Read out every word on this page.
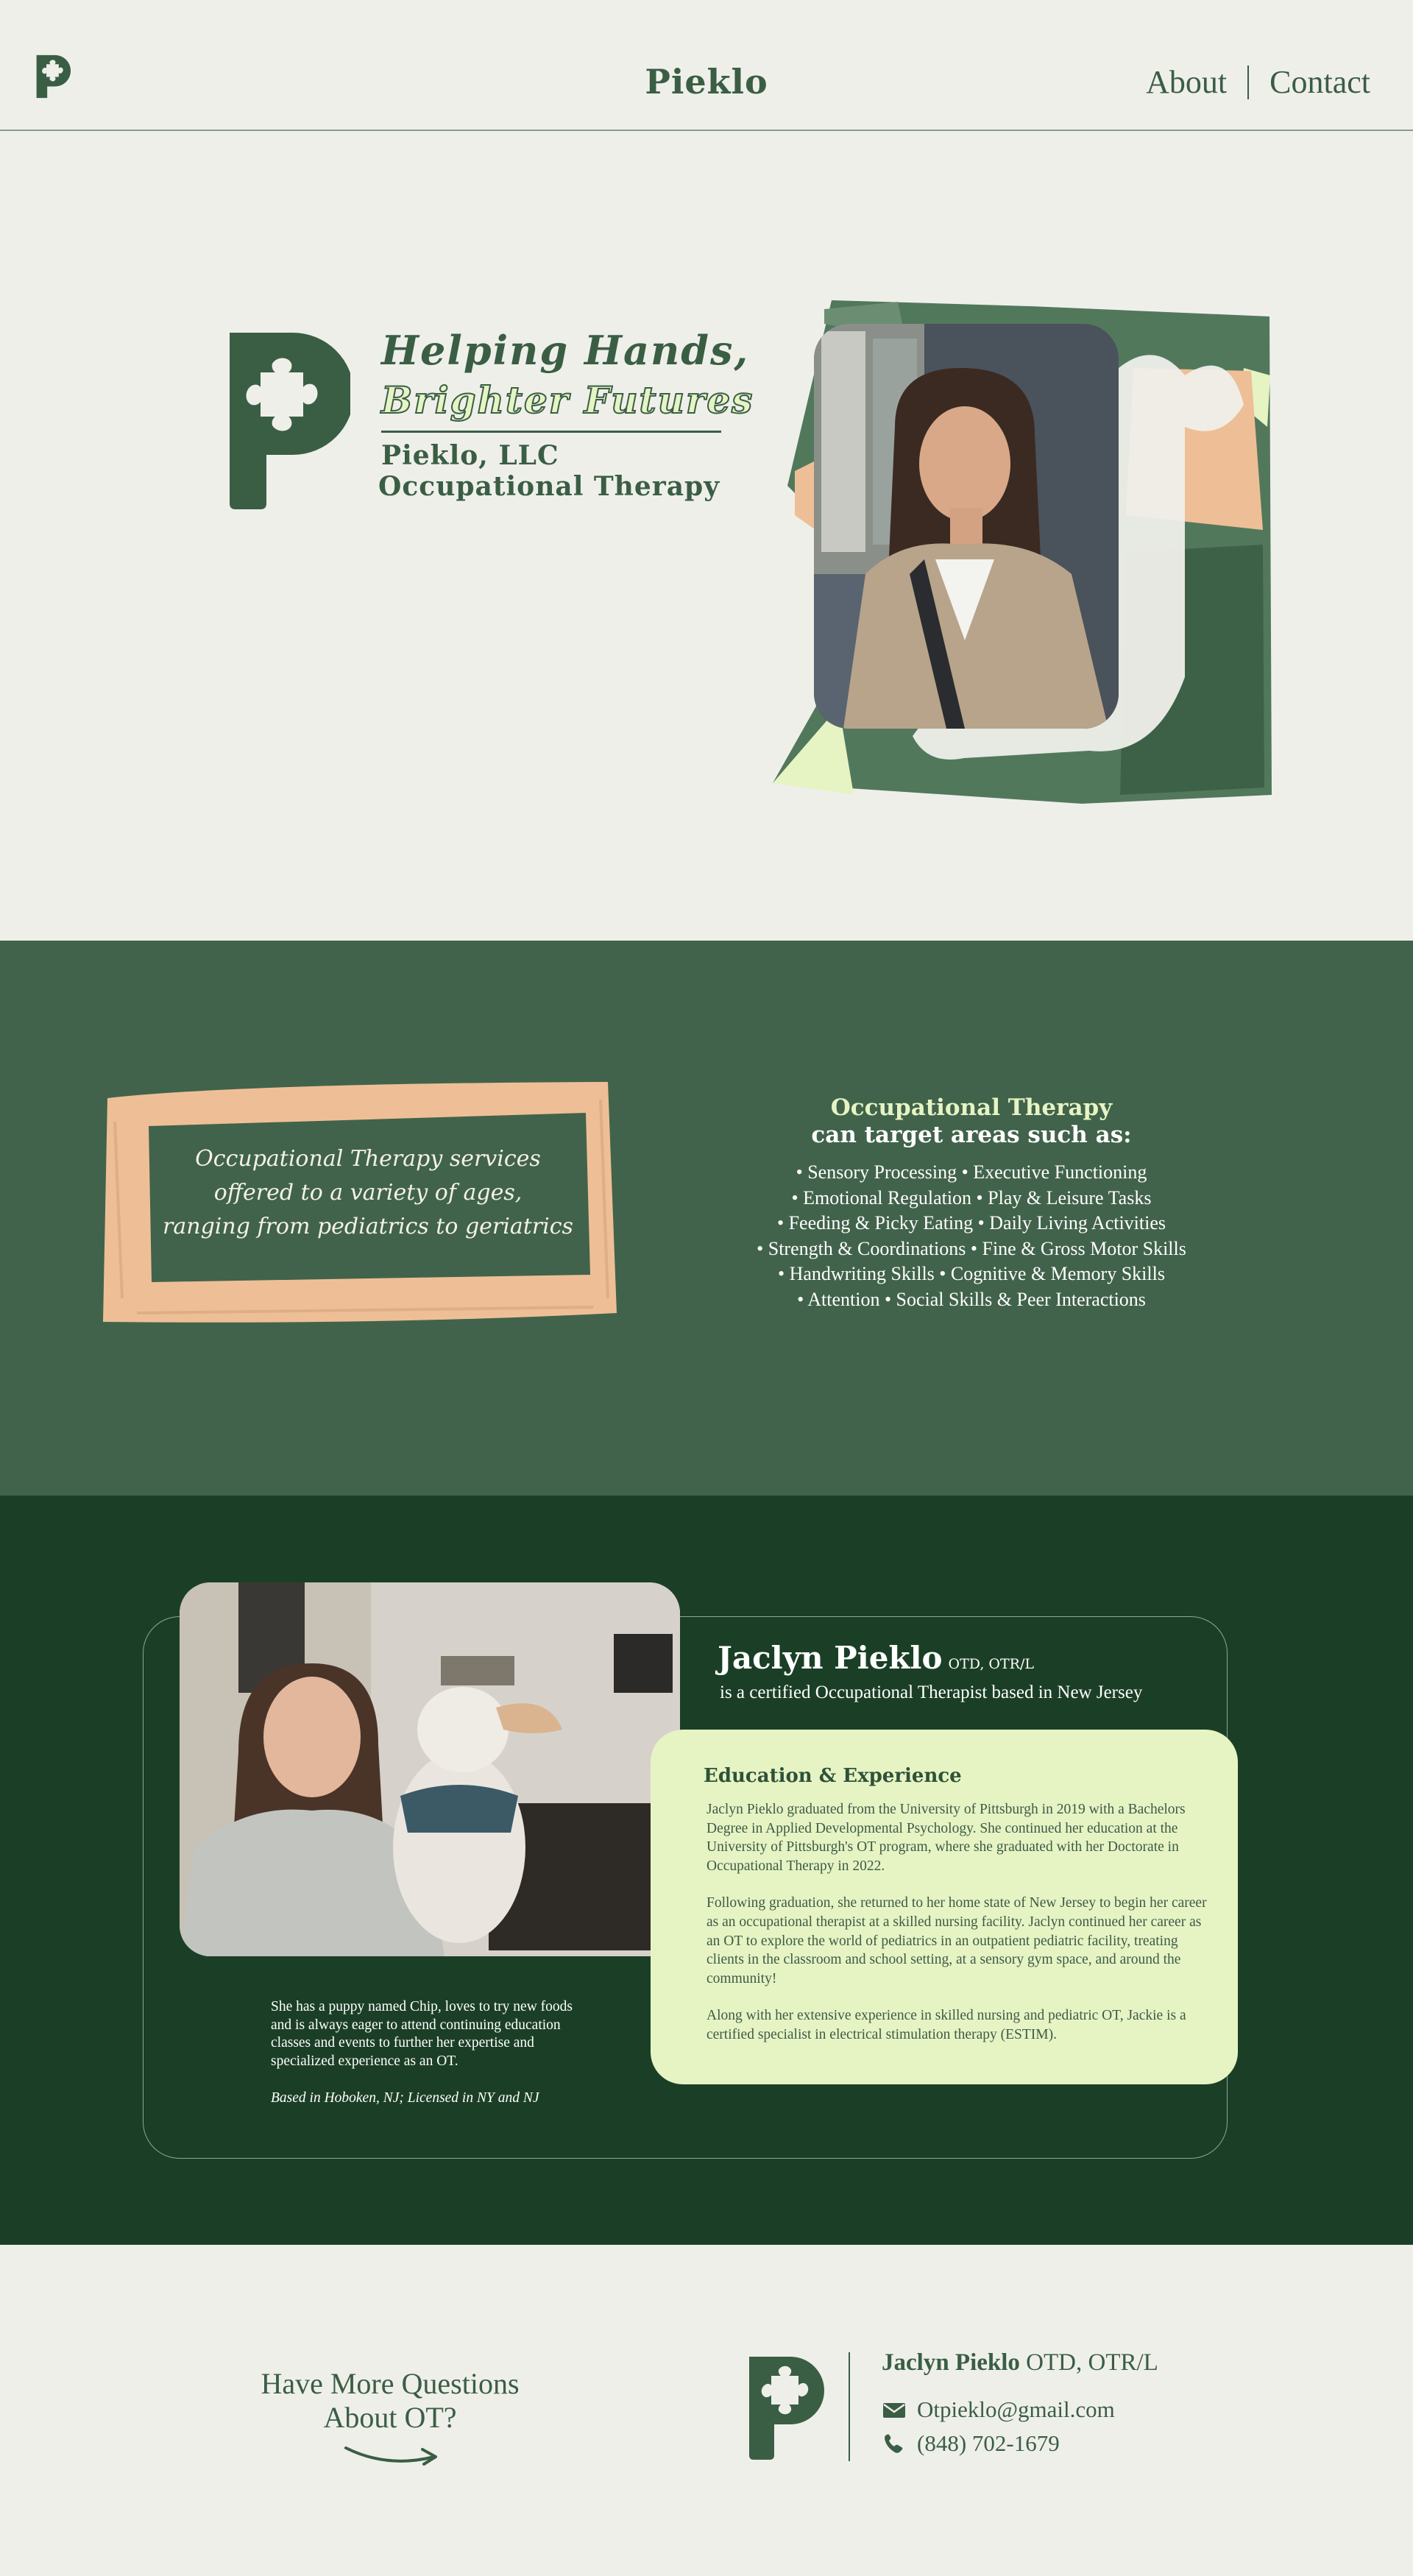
Pieklo	About Contact
Helping Hands,
Brighter Futures
Pieklo, LLC
Occupational Therapy
Occupational Therapy services
offered to a variety of ages,
ranging from pediatrics to geriatrics
Occupational Therapy
can target areas such as:
• Sensory Processing • Executive Functioning
• Emotional Regulation • Play & Leisure Tasks
• Feeding & Picky Eating • Daily Living Activities
• Strength & Coordinations • Fine & Gross Motor Skills
• Handwriting Skills • Cognitive & Memory Skills
• Attention • Social Skills & Peer Interactions
Jaclyn Pieklo OTD, OTR/L
is a certified Occupational Therapist based in New Jersey
Education & Experience

Jaclyn Pieklo graduated from the University of Pittsburgh in 2019 with a Bachelors Degree in Applied Developmental Psychology. She continued her education at the University of Pittsburgh's OT program, where she graduated with her Doctorate in Occupational Therapy in 2022.

Following graduation, she returned to her home state of New Jersey to begin her career as an occupational therapist at a skilled nursing facility. Jaclyn continued her career as an OT to explore the world of pediatrics in an outpatient pediatric facility, treating clients in the classroom and school setting, at a sensory gym space, and around the community!

Along with her extensive experience in skilled nursing and pediatric OT, Jackie is a certified specialist in electrical stimulation therapy (ESTIM).

She has a puppy named Chip, loves to try new foods and is always eager to attend continuing education classes and events to further her expertise and specialized experience as an OT.
Based in Hoboken, NJ; Licensed in NY and NJ
Have More Questions
About OT?
Jaclyn Pieklo OTD, OTR/L
Otpieklo@gmail.com
(848) 702-1679
